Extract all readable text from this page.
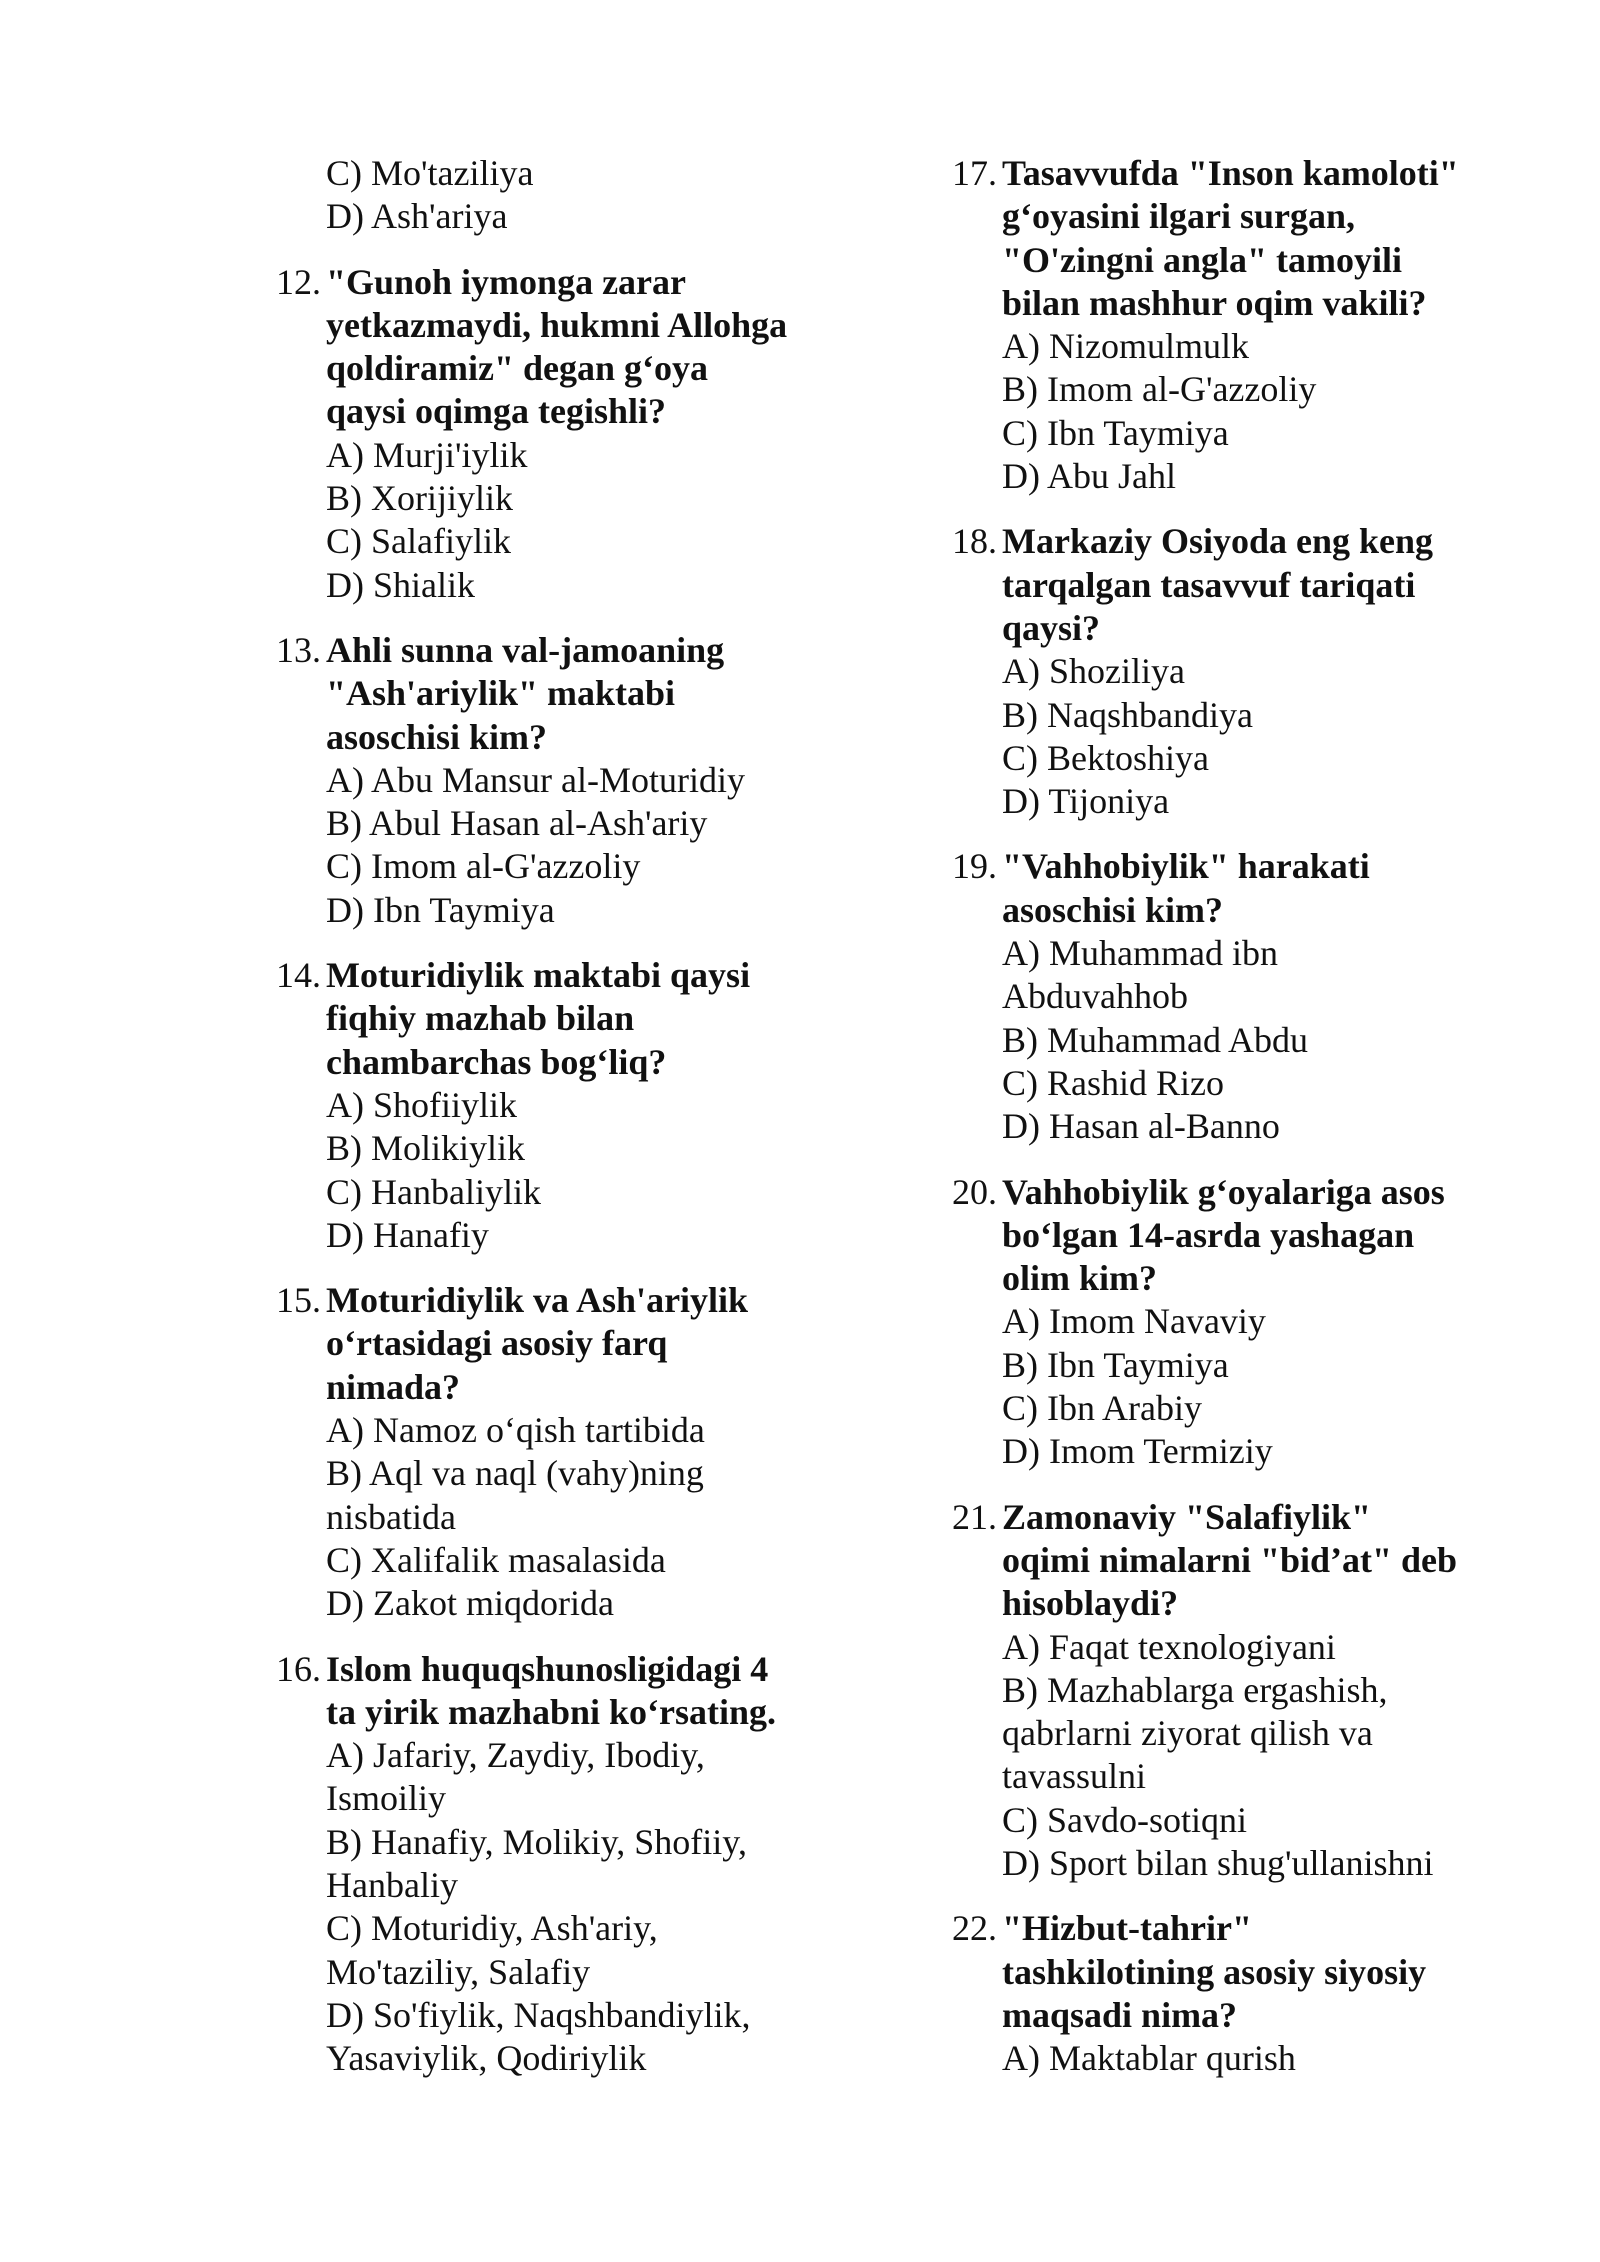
C) Mo'taziliya
D) Ash'ariya
12. "Gunoh iymonga zarar
yetkazmaydi, hukmni Allohga
qoldiramiz" degan g‘oya
qaysi oqimga tegishli?
A) Murji'iylik
B) Xorijiylik
C) Salafiylik
D) Shialik
13. Ahli sunna val-jamoaning
"Ash'ariylik" maktabi
asoschisi kim?
A) Abu Mansur al-Moturidiy
B) Abul Hasan al-Ash'ariy
C) Imom al-G'azzoliy
D) Ibn Taymiya
14. Moturidiylik maktabi qaysi
fiqhiy mazhab bilan
chambarchas bog‘liq?
A) Shofiiylik
B) Molikiylik
C) Hanbaliylik
D) Hanafiy
15. Moturidiylik va Ash'ariylik
o‘rtasidagi asosiy farq
nimada?
A) Namoz o‘qish tartibida
B) Aql va naql (vahy)ning
nisbatida
C) Xalifalik masalasida
D) Zakot miqdorida
16. Islom huquqshunosligidagi 4
ta yirik mazhabni ko‘rsating.
A) Jafariy, Zaydiy, Ibodiy,
Ismoiliy
B) Hanafiy, Molikiy, Shofiiy,
Hanbaliy
C) Moturidiy, Ash'ariy,
Mo'taziliy, Salafiy
D) So'fiylik, Naqshbandiylik,
Yasaviylik, Qodiriylik
17. Tasavvufda "Inson kamoloti"
g‘oyasini ilgari surgan,
"O'zingni angla" tamoyili
bilan mashhur oqim vakili?
A) Nizomulmulk
B) Imom al-G'azzoliy
C) Ibn Taymiya
D) Abu Jahl
18. Markaziy Osiyoda eng keng
tarqalgan tasavvuf tariqati
qaysi?
A) Shoziliya
B) Naqshbandiya
C) Bektoshiya
D) Tijoniya
19. "Vahhobiylik" harakati
asoschisi kim?
A) Muhammad ibn
Abduvahhob
B) Muhammad Abdu
C) Rashid Rizo
D) Hasan al-Banno
20. Vahhobiylik g‘oyalariga asos
bo‘lgan 14-asrda yashagan
olim kim?
A) Imom Navaviy
B) Ibn Taymiya
C) Ibn Arabiy
D) Imom Termiziy
21. Zamonaviy "Salafiylik"
oqimi nimalarni "bid’at" deb
hisoblaydi?
A) Faqat texnologiyani
B) Mazhablarga ergashish,
qabrlarni ziyorat qilish va
tavassulni
C) Savdo-sotiqni
D) Sport bilan shug'ullanishni
22. "Hizbut-tahrir"
tashkilotining asosiy siyosiy
maqsadi nima?
A) Maktablar qurish
